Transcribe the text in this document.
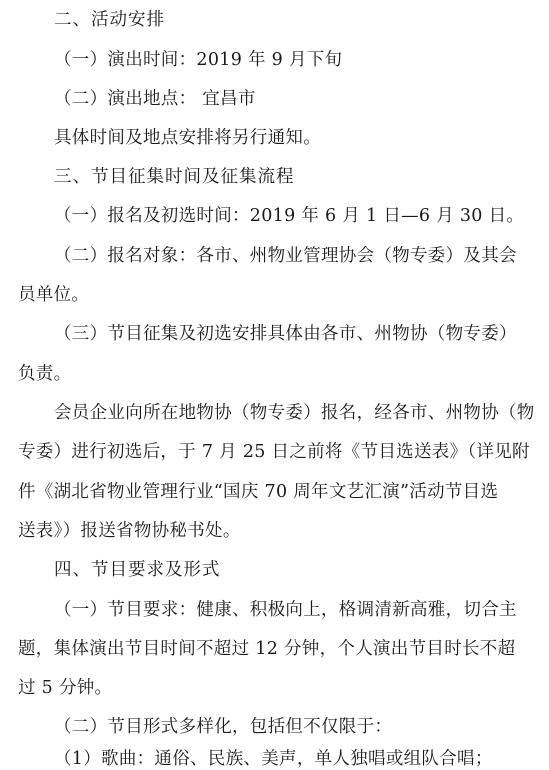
二、活动安排
（一）演出时间：2019 年 9 月下旬
（二）演出地点： 宜昌市
具体时间及地点安排将另行通知。
三、节目征集时间及征集流程
（一）报名及初选时间：2019 年 6 月 1 日—6 月 30 日。
（二）报名对象：各市、州物业管理协会（物专委）及其会
员单位。
（三）节目征集及初选安排具体由各市、州物协（物专委）
负责。
会员企业向所在地物协（物专委）报名，经各市、州物协（物
专委）进行初选后，于 7 月 25 日之前将《节目选送表》（详见附
件《湖北省物业管理行业“国庆 70 周年文艺汇演”活动节目选
送表》）报送省物协秘书处。
四、节目要求及形式
（一）节目要求：健康、积极向上，格调清新高雅，切合主
题，集体演出节目时间不超过 12 分钟，个人演出节目时长不超
过 5 分钟。
（二）节目形式多样化，包括但不仅限于：
（1）歌曲：通俗、民族、美声，单人独唱或组队合唱；
